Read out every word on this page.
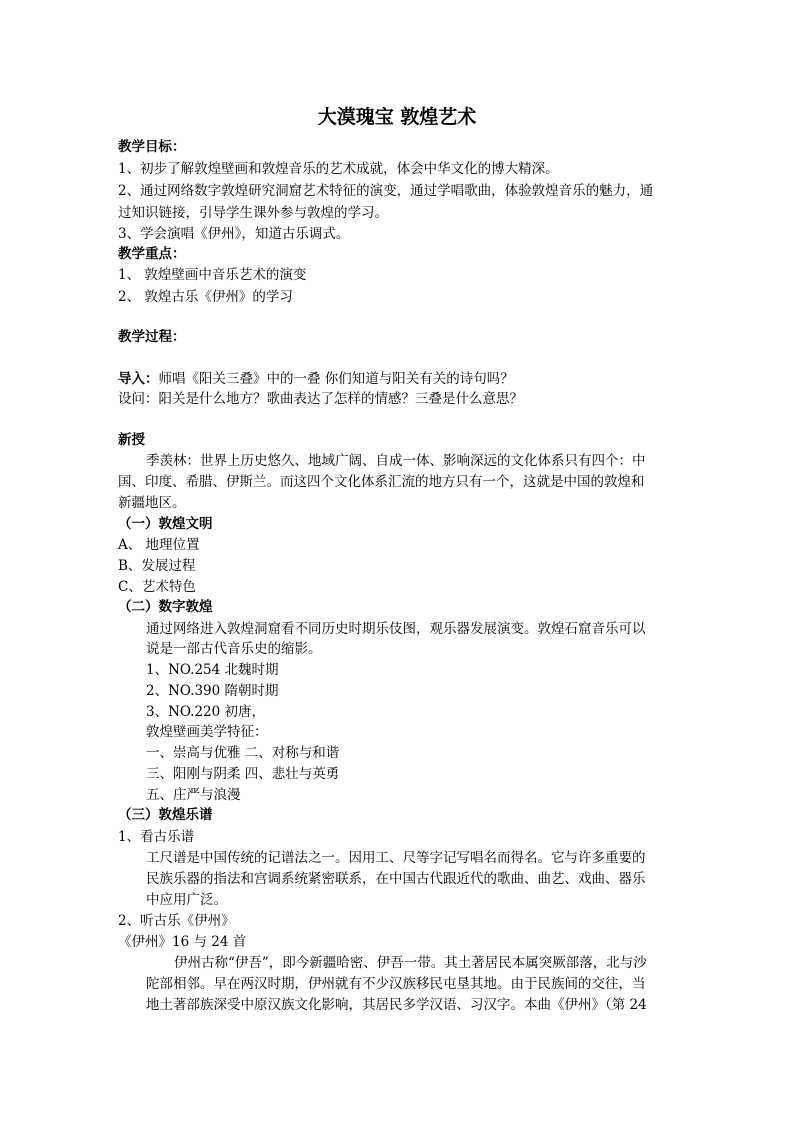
大漠瑰宝 敦煌艺术

教学目标：

1、初步了解敦煌壁画和敦煌音乐的艺术成就，体会中华文化的博大精深。

2、通过网络数字敦煌研究洞窟艺术特征的演变，通过学唱歌曲，体验敦煌音乐的魅力，通

过知识链接，引导学生课外参与敦煌的学习。

3、学会演唱《伊州》，知道古乐调式。

教学重点：

1、 敦煌壁画中音乐艺术的演变

2、 敦煌古乐《伊州》的学习

教学过程：

导入：师唱《阳关三叠》中的一叠 你们知道与阳关有关的诗句吗？

设问：阳关是什么地方？歌曲表达了怎样的情感？三叠是什么意思？

新授

季羡林：世界上历史悠久、地域广阔、自成一体、影响深远的文化体系只有四个：中

国、印度、希腊、伊斯兰。而这四个文化体系汇流的地方只有一个，这就是中国的敦煌和

新疆地区。

（一）敦煌文明

A、 地理位置

B、发展过程

C、艺术特色

（二）数字敦煌

通过网络进入敦煌洞窟看不同历史时期乐伎图，观乐器发展演变。敦煌石窟音乐可以

说是一部古代音乐史的缩影。

1、NO.254 北魏时期

2、NO.390 隋朝时期

3、NO.220 初唐，

敦煌壁画美学特征：

一、崇高与优雅 二、对称与和谐

三、阳刚与阴柔 四、悲壮与英勇

五、庄严与浪漫

（三）敦煌乐谱

1、看古乐谱

工尺谱是中国传统的记谱法之一。因用工、尺等字记写唱名而得名。它与许多重要的

民族乐器的指法和宫调系统紧密联系，在中国古代跟近代的歌曲、曲艺、戏曲、器乐

中应用广泛。

2、听古乐《伊州》

《伊州》16 与 24 首

伊州古称“伊吾”，即今新疆哈密、伊吾一带。其土著居民本属突厥部落，北与沙

陀部相邻。早在两汉时期，伊州就有不少汉族移民屯垦其地。由于民族间的交往，当

地土著部族深受中原汉族文化影响，其居民多学汉语、习汉字。本曲《伊州》（第 24
